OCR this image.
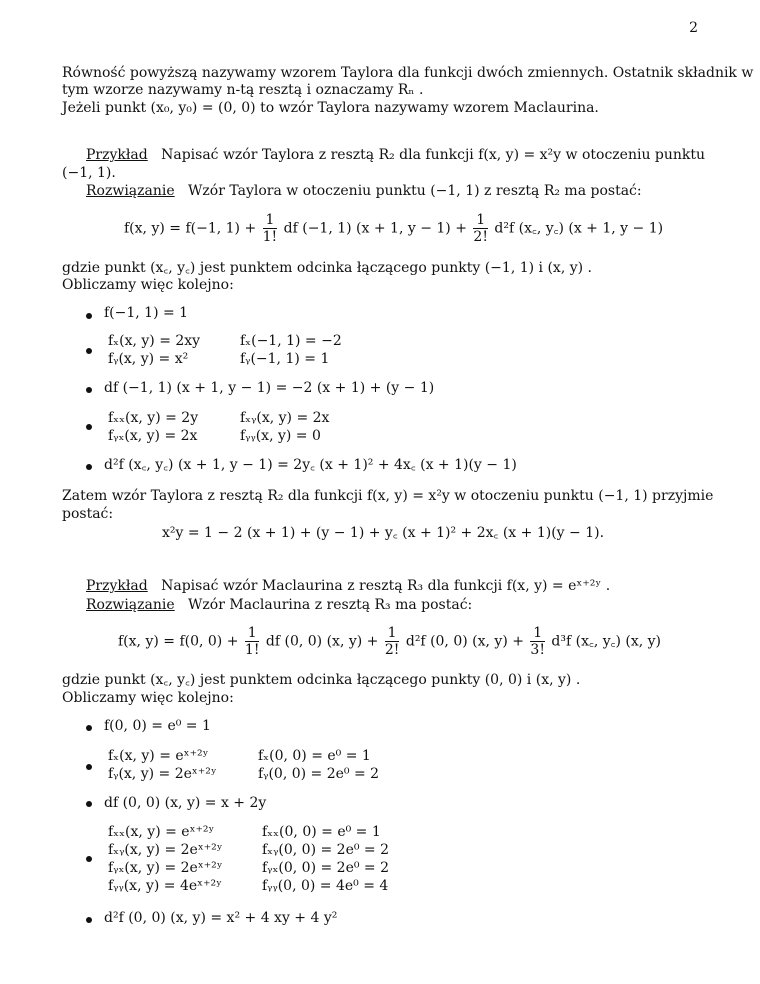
2
Równość powyższą nazywamy wzorem Taylora dla funkcji dwóch zmiennych. Ostatnik składnik w
tym wzorze nazywamy n-tą resztą i oznaczamy Rₙ .
Jeżeli punkt (x₀, y₀) = (0, 0) to wzór Taylora nazywamy wzorem Maclaurina.
Przykład Napisać wzór Taylora z resztą R₂ dla funkcji f(x, y) = x²y w otoczeniu punktu
(−1, 1).
Rozwiązanie Wzór Taylora w otoczeniu punktu (−1, 1) z resztą R₂ ma postać:
f(x, y) = f(−1, $1) + \frac{1}{1!}$ df (−1, 1) (x + 1, $y - 1) + \frac{1}{2!} d^2f$ (x꜀, y꜀) (x + 1, y − 1)
gdzie punkt (x꜀, y꜀) jest punktem odcinka łączącego punkty (−1, 1) i (x, y) .
Obliczamy więc kolejno:
f(−1, 1) = 1
fₓ(x, y) = 2xy	fₓ(−1, 1) = −2
fᵧ(x, y) = x²	fᵧ(−1, 1) = 1
df (−1, 1) (x + 1, y − 1) = −2 (x + 1) + (y − 1)
fₓₓ(x, y) = 2y	fₓᵧ(x, y) = 2x
fᵧₓ(x, y) = 2x	fᵧᵧ(x, y) = 0
d²f (x꜀, y꜀) (x + 1, y − 1) = 2y꜀ (x + 1)² + 4x꜀ (x + 1)(y − 1)
Zatem wzór Taylora z resztą R₂ dla funkcji f(x, y) = x²y w otoczeniu punktu (−1, 1) przyjmie
postać:
x²y = 1 − 2 (x + 1) + (y − 1) + y꜀ (x + 1)² + 2x꜀ (x + 1)(y − 1).
Przykład Napisać wzór Maclaurina z resztą R₃ dla funkcji f(x, y) = eˣ⁺²ʸ .
Rozwiązanie Wzór Maclaurina z resztą R₃ ma postać:
f(x, y) = f(0, $0) + \frac{1}{1!}$ df (0, 0) (x, $y) + \frac{1}{2!} d^2f$ (0, 0) (x, $y) + \frac{1}{3!} d^3f$ (x꜀, y꜀) (x, y)
gdzie punkt (x꜀, y꜀) jest punktem odcinka łączącego punkty (0, 0) i (x, y) .
Obliczamy więc kolejno:
f(0, 0) = e⁰ = 1
fₓ(x, y) = eˣ⁺²ʸ	fₓ(0, 0) = e⁰ = 1
fᵧ(x, y) = 2eˣ⁺²ʸ	fᵧ(0, 0) = 2e⁰ = 2
df (0, 0) (x, y) = x + 2y
fₓₓ(x, y) = eˣ⁺²ʸ	fₓₓ(0, 0) = e⁰ = 1
fₓᵧ(x, y) = 2eˣ⁺²ʸ	fₓᵧ(0, 0) = 2e⁰ = 2
fᵧₓ(x, y) = 2eˣ⁺²ʸ	fᵧₓ(0, 0) = 2e⁰ = 2
fᵧᵧ(x, y) = 4eˣ⁺²ʸ	fᵧᵧ(0, 0) = 4e⁰ = 4
d²f (0, 0) (x, y) = x² + 4 xy + 4 y²
